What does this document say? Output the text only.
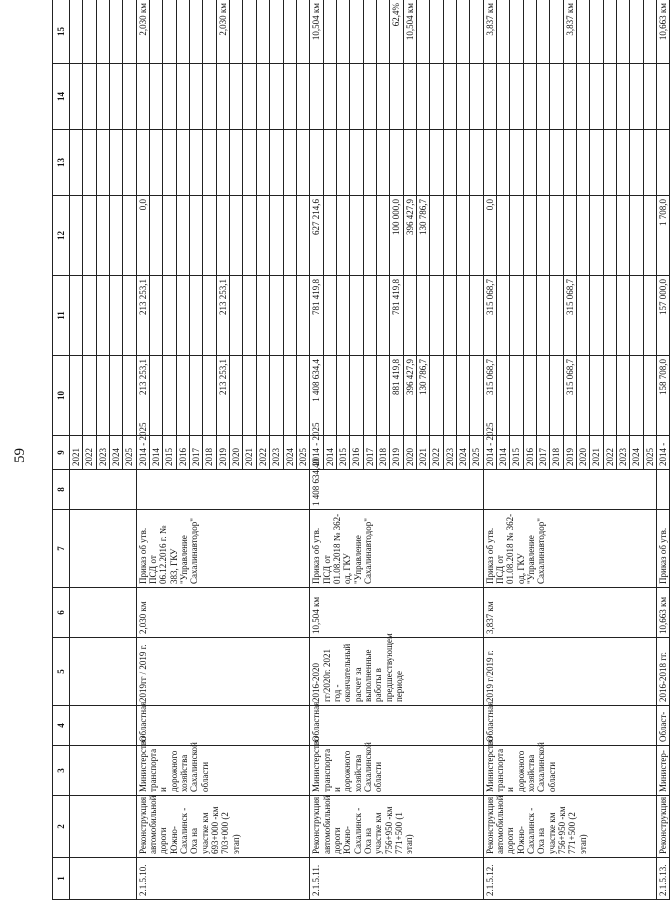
59
1	2	3	4	5	6	7	8	9	10	11	12	13	14	15
								2021						
								2022						
								2023						
								2024						
								2025						
2.1.5.10.	Реконструкция автомобильной дороги Южно-Сахалинск - Оха на участке км 693+000 -км 703+000 (2 этап)	Министерство транспорта и дорожного хозяйства Сахалинской области	Областная	2019гг / 2019 г.	2,030 км	Приказ об утв. ПСД от 06.12.2016 г. № 383, ГКУ "Управление Сахалинавтодор"		2014 - 2025	213 253,1	213 253,1	0,0			2,030 км
								2014						
								2015						
								2016						
								2017						
								2018						
								2019	213 253,1	213 253,1				2,030 км
								2020						
								2021						
								2022						
								2023						
								2024						
								2025						
2.1.5.11.	Реконструкция автомобильной дороги Южно-Сахалинск - Оха на участке км 756+950 -км 771+500 (1 этап)	Министерство транспорта и дорожного хозяйства Сахалинской области	Областная	2016-2020 гг/2020г. 2021 год - окончательный расчет за выполненные работы в предшествующем периоде	10,504 км	Приказ об утв. ПСД от 01.08.2018 № 362-од, ГКУ "Управление Сахалинавтодор"	1 408 634,40	2014 - 2025	1 408 634,4	781 419,8	627 214,6			10,504 км
								2014						
								2015						
								2016						
								2017						
								2018						
								2019	881 419,8	781 419,8	100 000,0			62,4%
								2020	396 427,9		396 427,9			10,504 км
								2021	130 786,7		130 786,7			
								2022						
								2023						
								2024						
								2025						
2.1.5.12.	Реконструкция автомобильной дороги Южно-Сахалинск - Оха на участке км 756+950 -км 771+500 (2 этап)	Министерство транспорта и дорожного хозяйства Сахалинской области	Областная	2019 г/2019 г.	3,837 км	Приказ об утв. ПСД от 01.08.2018 № 362-од, ГКУ "Управление Сахалинавтодор"		2014 - 2025	315 068,7	315 068,7	0,0			3,837 км
								2014						
								2015						
								2016						
								2017						
								2018						
								2019	315 068,7	315 068,7				3,837 км
								2020						
								2021						
								2022						
								2023						
								2024						
								2025						
2.1.5.13.	Реконструкция	Министер-	Област-	2016-2018 гг.	10,663 км	Приказ об утв.		2014 -	158 708,0	157 000,0	1 708,0			10,663 км
